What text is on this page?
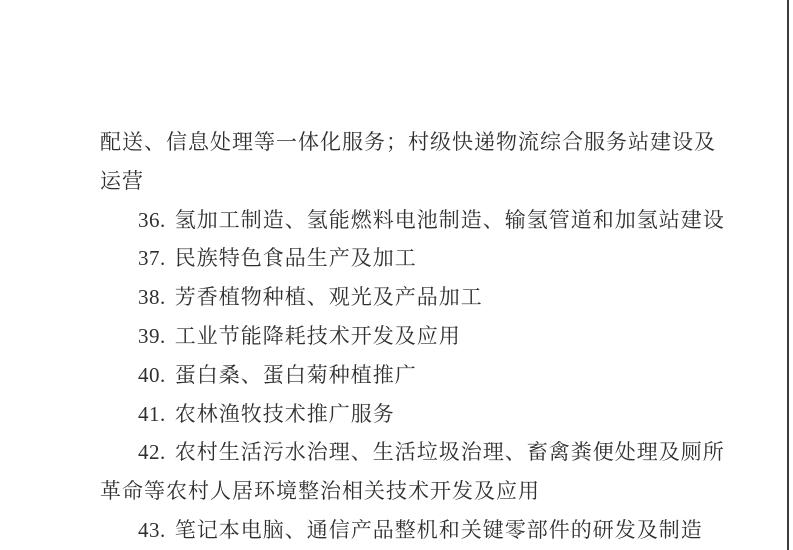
配送、信息处理等一体化服务；村级快递物流综合服务站建设及
运营
36. 氢加工制造、氢能燃料电池制造、输氢管道和加氢站建设
37. 民族特色食品生产及加工
38. 芳香植物种植、观光及产品加工
39. 工业节能降耗技术开发及应用
40. 蛋白桑、蛋白菊种植推广
41. 农林渔牧技术推广服务
42. 农村生活污水治理、生活垃圾治理、畜禽粪便处理及厕所
革命等农村人居环境整治相关技术开发及应用
43. 笔记本电脑、通信产品整机和关键零部件的研发及制造
